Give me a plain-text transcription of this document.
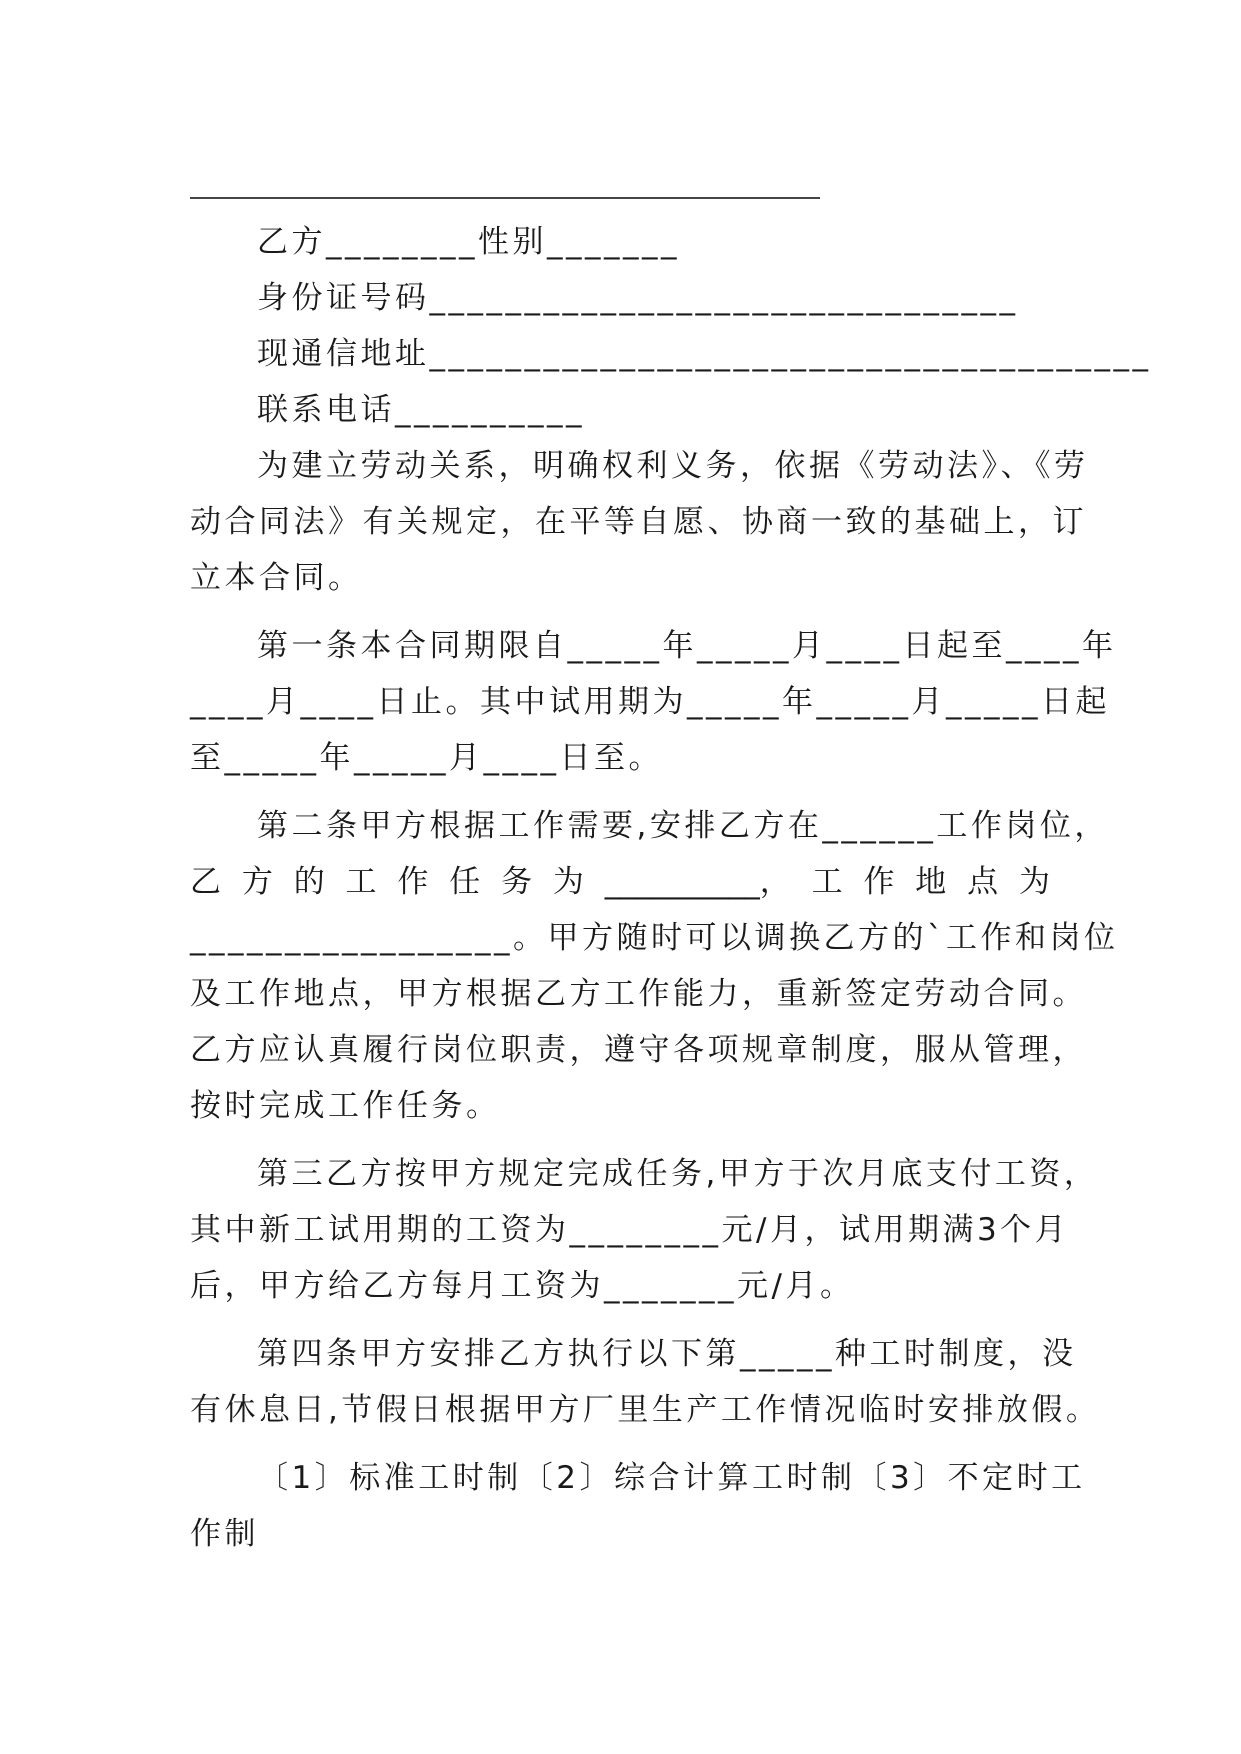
乙方________性别_______
身份证号码_______________________________
现通信地址______________________________________
联系电话__________
为建立劳动关系，明确权利义务，依据《劳动法》、《劳
动合同法》有关规定，在平等自愿、协商一致的基础上，订
立本合同。
第一条本合同期限自_____年_____月____日起至____年
____月____日止。其中试用期为_____年_____月_____日起
至_____年_____月____日至。
第二条甲方根据工作需要,安排乙方在______工作岗位，
乙 方 的 工 作 任 务 为 __________， 工 作 地 点 为
_________________。甲方随时可以调换乙方的`工作和岗位
及工作地点，甲方根据乙方工作能力，重新签定劳动合同。
乙方应认真履行岗位职责，遵守各项规章制度，服从管理，
按时完成工作任务。
第三乙方按甲方规定完成任务,甲方于次月底支付工资，
其中新工试用期的工资为________元/月，试用期满3个月
后，甲方给乙方每月工资为_______元/月。
第四条甲方安排乙方执行以下第_____种工时制度，没
有休息日,节假日根据甲方厂里生产工作情况临时安排放假。
〔1〕标准工时制〔2〕综合计算工时制〔3〕不定时工
作制
